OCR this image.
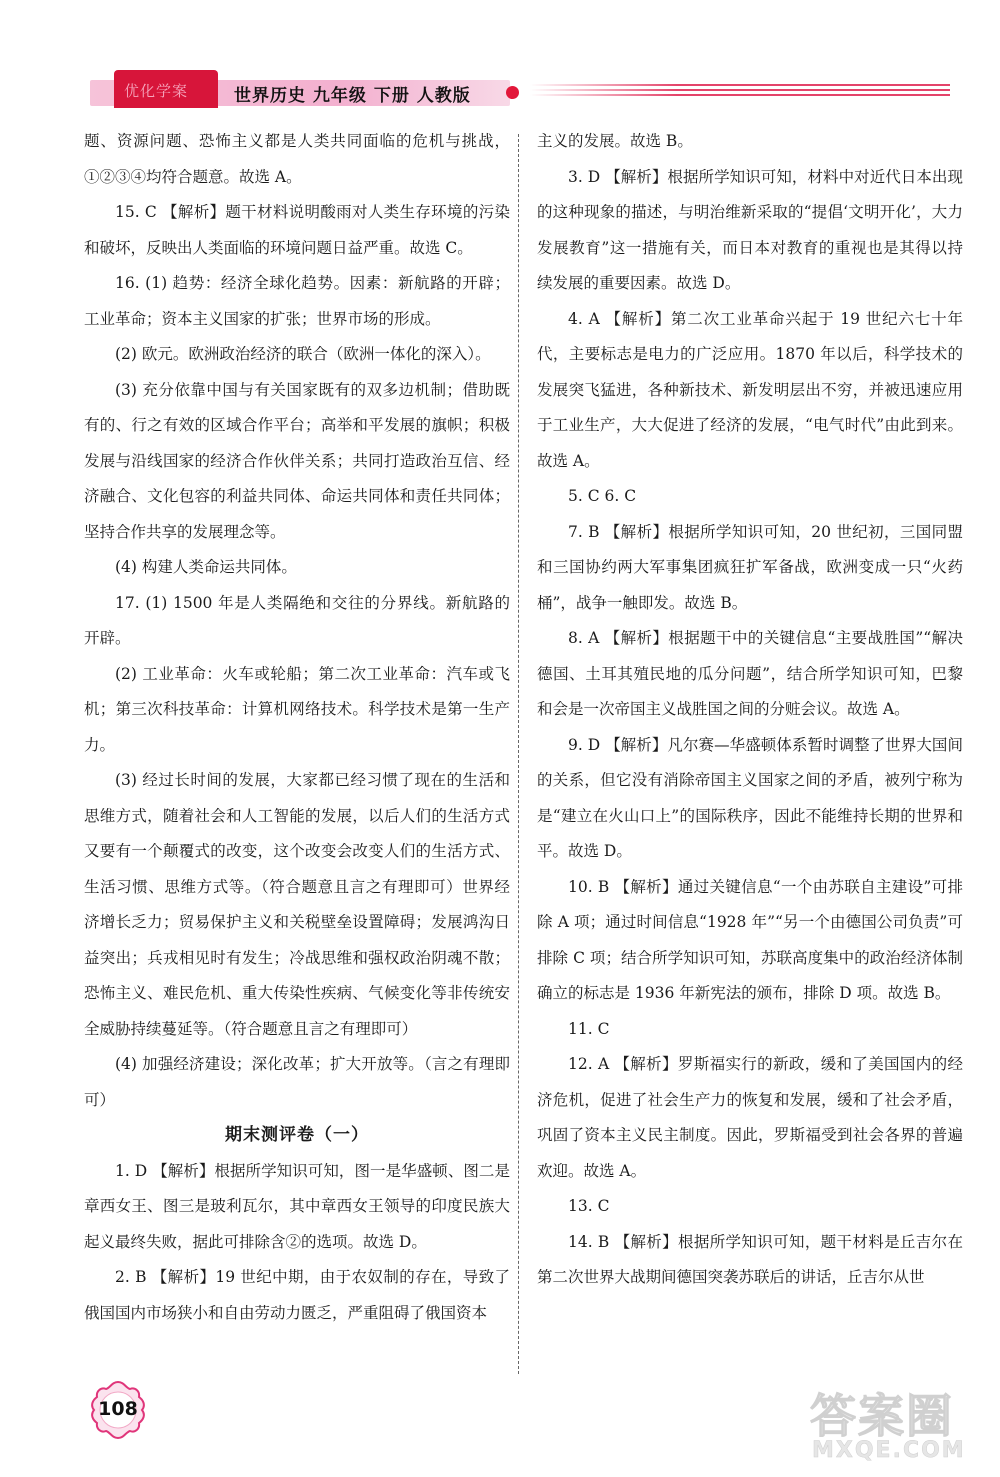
优化学案	世界历史 九年级 下册 人教版

题、资源问题、恐怖主义都是人类共同面临的危机与挑战，①②③④均符合题意。故选 A。

15. C 【解析】题干材料说明酸雨对人类生存环境的污染和破坏，反映出人类面临的环境问题日益严重。故选 C。

16. (1) 趋势：经济全球化趋势。因素：新航路的开辟；工业革命；资本主义国家的扩张；世界市场的形成。

(2) 欧元。欧洲政治经济的联合（欧洲一体化的深入）。

(3) 充分依靠中国与有关国家既有的双多边机制；借助既有的、行之有效的区域合作平台；高举和平发展的旗帜；积极发展与沿线国家的经济合作伙伴关系；共同打造政治互信、经济融合、文化包容的利益共同体、命运共同体和责任共同体；坚持合作共享的发展理念等。

(4) 构建人类命运共同体。

17. (1) 1500 年是人类隔绝和交往的分界线。新航路的开辟。

(2) 工业革命：火车或轮船；第二次工业革命：汽车或飞机；第三次科技革命：计算机网络技术。科学技术是第一生产力。

(3) 经过长时间的发展，大家都已经习惯了现在的生活和思维方式，随着社会和人工智能的发展，以后人们的生活方式又要有一个颠覆式的改变，这个改变会改变人们的生活方式、生活习惯、思维方式等。（符合题意且言之有理即可）世界经济增长乏力；贸易保护主义和关税壁垒设置障碍；发展鸿沟日益突出；兵戎相见时有发生；冷战思维和强权政治阴魂不散；恐怖主义、难民危机、重大传染性疾病、气候变化等非传统安全威胁持续蔓延等。（符合题意且言之有理即可）

(4) 加强经济建设；深化改革；扩大开放等。（言之有理即可）

期末测评卷（一）

1. D 【解析】根据所学知识可知，图一是华盛顿、图二是章西女王、图三是玻利瓦尔，其中章西女王领导的印度民族大起义最终失败，据此可排除含②的选项。故选 D。

2. B 【解析】19 世纪中期，由于农奴制的存在，导致了俄国国内市场狭小和自由劳动力匮乏，严重阻碍了俄国资本

主义的发展。故选 B。

3. D 【解析】根据所学知识可知，材料中对近代日本出现的这种现象的描述，与明治维新采取的“提倡‘文明开化’，大力发展教育”这一措施有关，而日本对教育的重视也是其得以持续发展的重要因素。故选 D。

4. A 【解析】第二次工业革命兴起于 19 世纪六七十年代，主要标志是电力的广泛应用。1870 年以后，科学技术的发展突飞猛进，各种新技术、新发明层出不穷，并被迅速应用于工业生产，大大促进了经济的发展，“电气时代”由此到来。故选 A。

5. C 6. C

7. B 【解析】根据所学知识可知，20 世纪初，三国同盟和三国协约两大军事集团疯狂扩军备战，欧洲变成一只“火药桶”，战争一触即发。故选 B。

8. A 【解析】根据题干中的关键信息“主要战胜国”“解决德国、土耳其殖民地的瓜分问题”，结合所学知识可知，巴黎和会是一次帝国主义战胜国之间的分赃会议。故选 A。

9. D 【解析】凡尔赛—华盛顿体系暂时调整了世界大国间的关系，但它没有消除帝国主义国家之间的矛盾，被列宁称为是“建立在火山口上”的国际秩序，因此不能维持长期的世界和平。故选 D。

10. B 【解析】通过关键信息“一个由苏联自主建设”可排除 A 项；通过时间信息“1928 年”“另一个由德国公司负责”可排除 C 项；结合所学知识可知，苏联高度集中的政治经济体制确立的标志是 1936 年新宪法的颁布，排除 D 项。故选 B。

11. C

12. A 【解析】罗斯福实行的新政，缓和了美国国内的经济危机，促进了社会生产力的恢复和发展，缓和了社会矛盾，巩固了资本主义民主制度。因此，罗斯福受到社会各界的普遍欢迎。故选 A。

13. C

14. B 【解析】根据所学知识可知，题干材料是丘吉尔在第二次世界大战期间德国突袭苏联后的讲话，丘吉尔从世

108	答案圈
MXQE.COM
